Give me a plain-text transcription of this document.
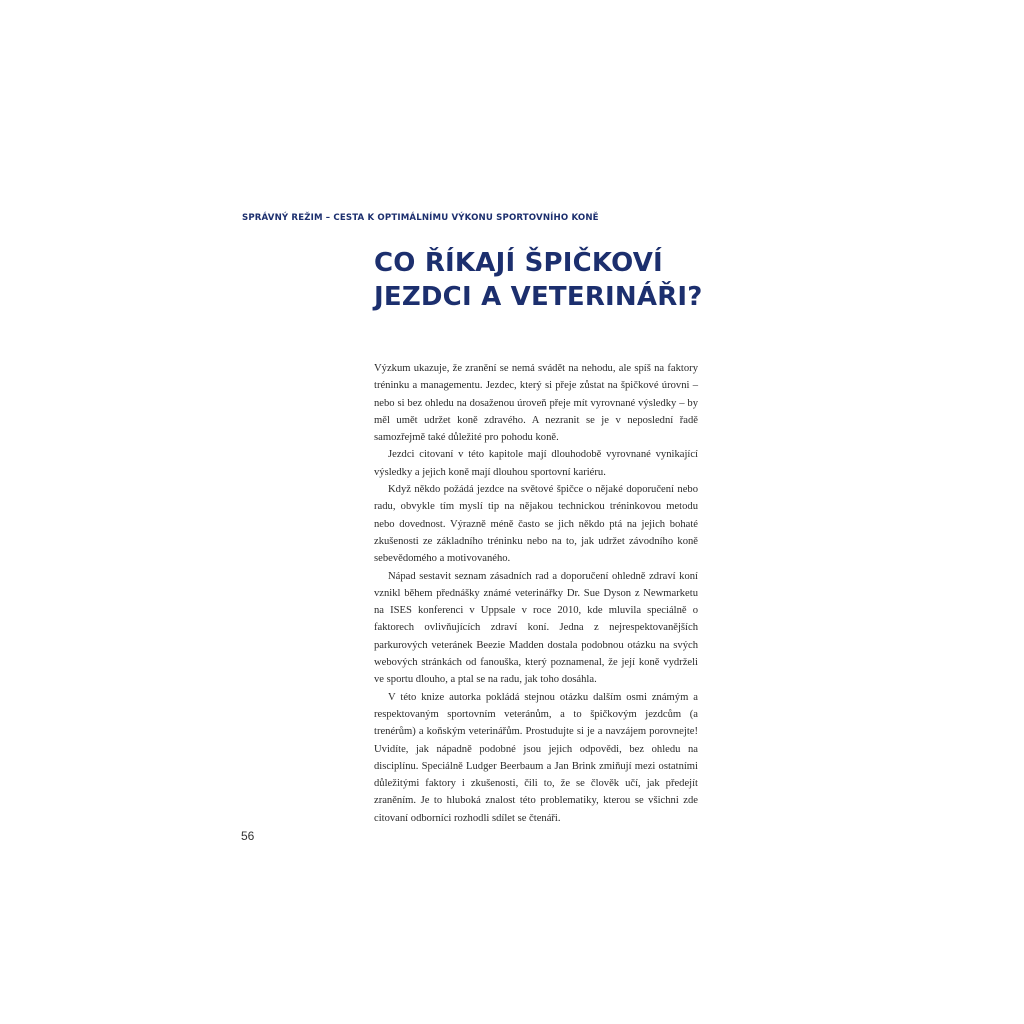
SPRÁVNÝ REŽIM – CESTA K OPTIMÁLNÍMU VÝKONU SPORTOVNÍHO KONĚ
CO ŘÍKAJÍ ŠPIČKOVÍ
JEZDCI A VETERINÁŘI?

Výzkum ukazuje, že zranění se nemá svádět na nehodu, ale spíš na faktory tréninku a managementu. Jezdec, který si přeje zůstat na špičkové úrovni – nebo si bez ohledu na dosaženou úroveň přeje mít vyrovnané výsledky – by měl umět udržet koně zdravého. A nezranit se je v neposlední řadě samozřejmě také důležité pro pohodu koně.

Jezdci citovaní v této kapitole mají dlouhodobě vyrovnané vynikající výsledky a jejich koně mají dlouhou sportovní kariéru.

Když někdo požádá jezdce na světové špičce o nějaké doporučení nebo radu, obvykle tím myslí tip na nějakou technickou tréninkovou metodu nebo dovednost. Výrazně méně často se jich někdo ptá na jejich bohaté zkušenosti ze základního tréninku nebo na to, jak udržet závodního koně sebevědomého a motivovaného.

Nápad sestavit seznam zásadních rad a doporučení ohledně zdraví koní vznikl během přednášky známé veterinářky Dr. Sue Dyson z Newmarketu na ISES konferenci v Uppsale v roce 2010, kde mluvila speciálně o faktorech ovlivňujících zdraví koní. Jedna z nejrespektovanějších parkurových veteránek Beezie Madden dostala podobnou otázku na svých webových stránkách od fanouška, který poznamenal, že její koně vydrželi ve sportu dlouho, a ptal se na radu, jak toho dosáhla.

V této knize autorka pokládá stejnou otázku dalším osmi známým a respektovaným sportovním veteránům, a to špičkovým jezdcům (a trenérům) a koňským veterinářům. Prostudujte si je a navzájem porovnejte! Uvidíte, jak nápadně podobné jsou jejich odpovědi, bez ohledu na disciplínu. Speciálně Ludger Beerbaum a Jan Brink zmiňují mezi ostatními důležitými faktory i zkušenosti, čili to, že se člověk učí, jak předejít zraněním. Je to hluboká znalost této problematiky, kterou se všichni zde citovaní odborníci rozhodli sdílet se čtenáři.

56
